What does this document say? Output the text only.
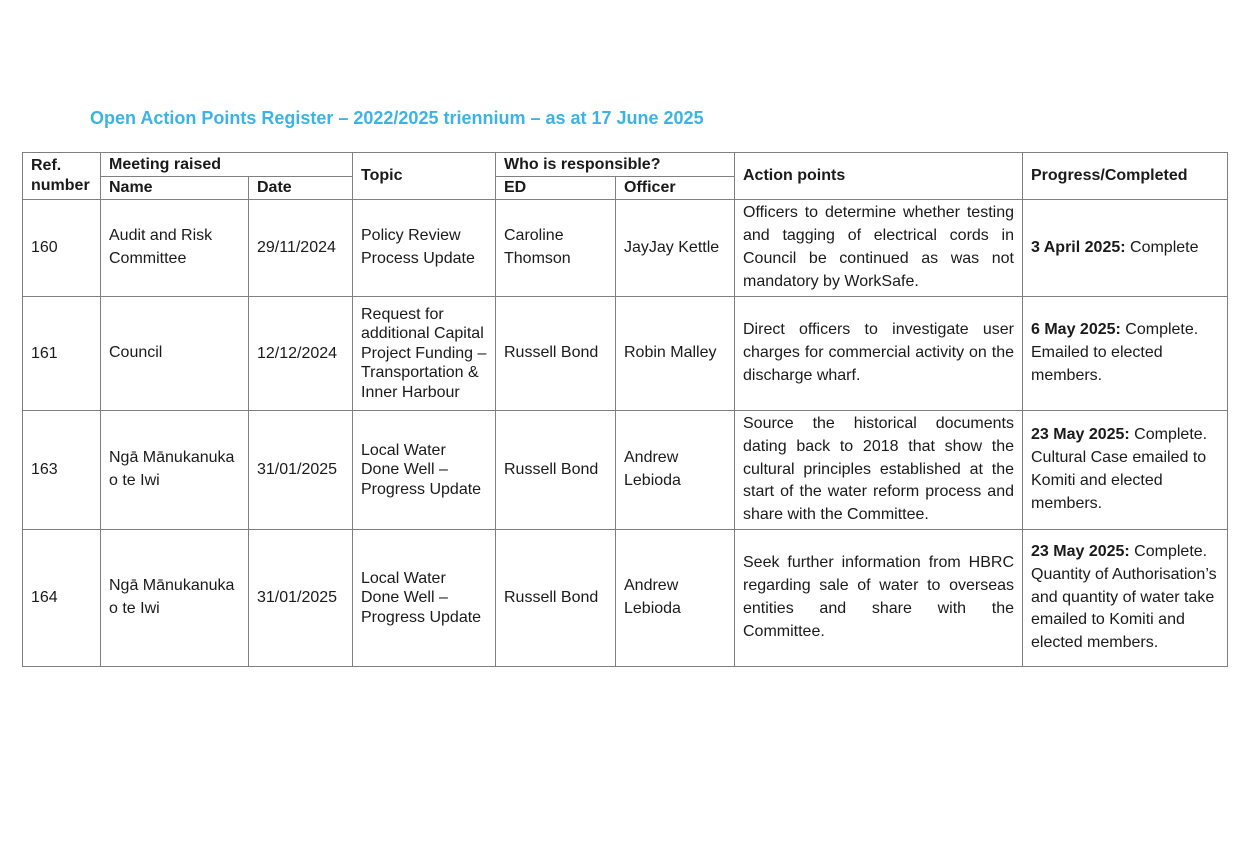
Open Action Points Register – 2022/2025 triennium – as at 17 June 2025
Ref. number	Meeting raised		Topic	Who is responsible?		Action points	Progress/Completed
	Name	Date		ED	Officer		
160	Audit and Risk Committee	29/11/2024	Policy Review Process Update	Caroline Thomson	JayJay Kettle	Officers to determine whether testing and tagging of electrical cords in Council be continued as was not mandatory by WorkSafe.	3 April 2025: Complete
161	Council	12/12/2024	Request for additional Capital Project Funding – Transportation & Inner Harbour	Russell Bond	Robin Malley	Direct officers to investigate user charges for commercial activity on the discharge wharf.	6 May 2025: Complete. Emailed to elected members.
163	Ngā Mānukanuka o te Iwi	31/01/2025	Local Water Done Well – Progress Update	Russell Bond	Andrew Lebioda	Source the historical documents dating back to 2018 that show the cultural principles established at the start of the water reform process and share with the Committee.	23 May 2025: Complete. Cultural Case emailed to Komiti and elected members.
164	Ngā Mānukanuka o te Iwi	31/01/2025	Local Water Done Well – Progress Update	Russell Bond	Andrew Lebioda	Seek further information from HBRC regarding sale of water to overseas entities and share with the Committee.	23 May 2025: Complete. Quantity of Authorisation’s and quantity of water take emailed to Komiti and elected members.
